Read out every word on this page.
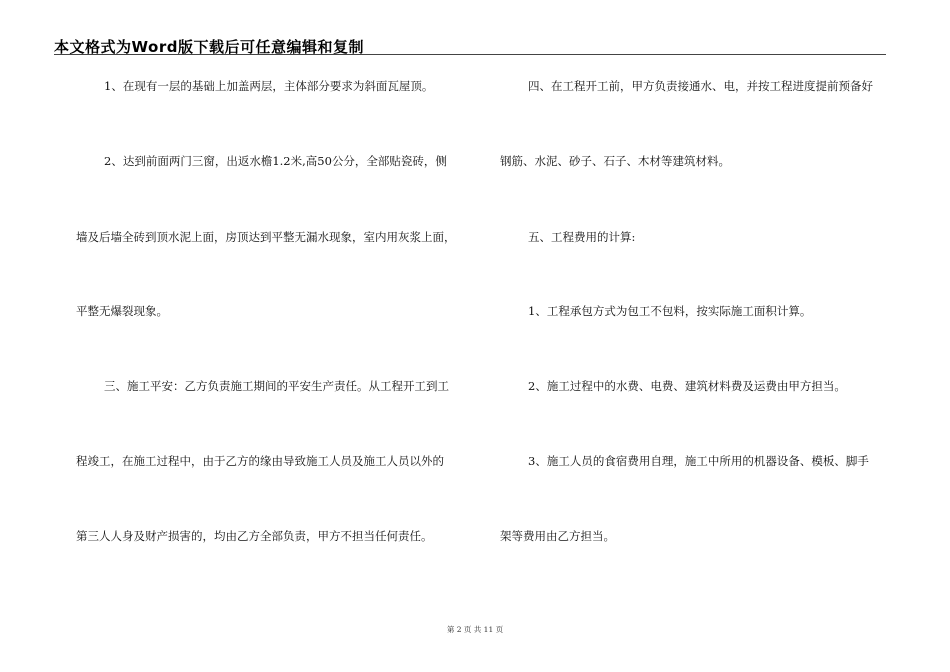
本文格式为Word版下载后可任意编辑和复制
1、在现有一层的基础上加盖两层，主体部分要求为斜面瓦屋顶。
2、达到前面两门三窗，出返水檐1.2米,高50公分，全部贴瓷砖，侧
墙及后墙全砖到顶水泥上面，房顶达到平整无漏水现象，室内用灰浆上面，
平整无爆裂现象。
三、施工平安：乙方负责施工期间的平安生产责任。从工程开工到工
程竣工，在施工过程中，由于乙方的缘由导致施工人员及施工人员以外的
第三人人身及财产损害的，均由乙方全部负责，甲方不担当任何责任。
四、在工程开工前，甲方负责接通水、电，并按工程进度提前预备好
钢筋、水泥、砂子、石子、木材等建筑材料。
五、工程费用的计算:
1、工程承包方式为包工不包料，按实际施工面积计算。
2、施工过程中的水费、电费、建筑材料费及运费由甲方担当。
3、施工人员的食宿费用自理，施工中所用的机器设备、模板、脚手
架等费用由乙方担当。
第 2 页 共 11 页
